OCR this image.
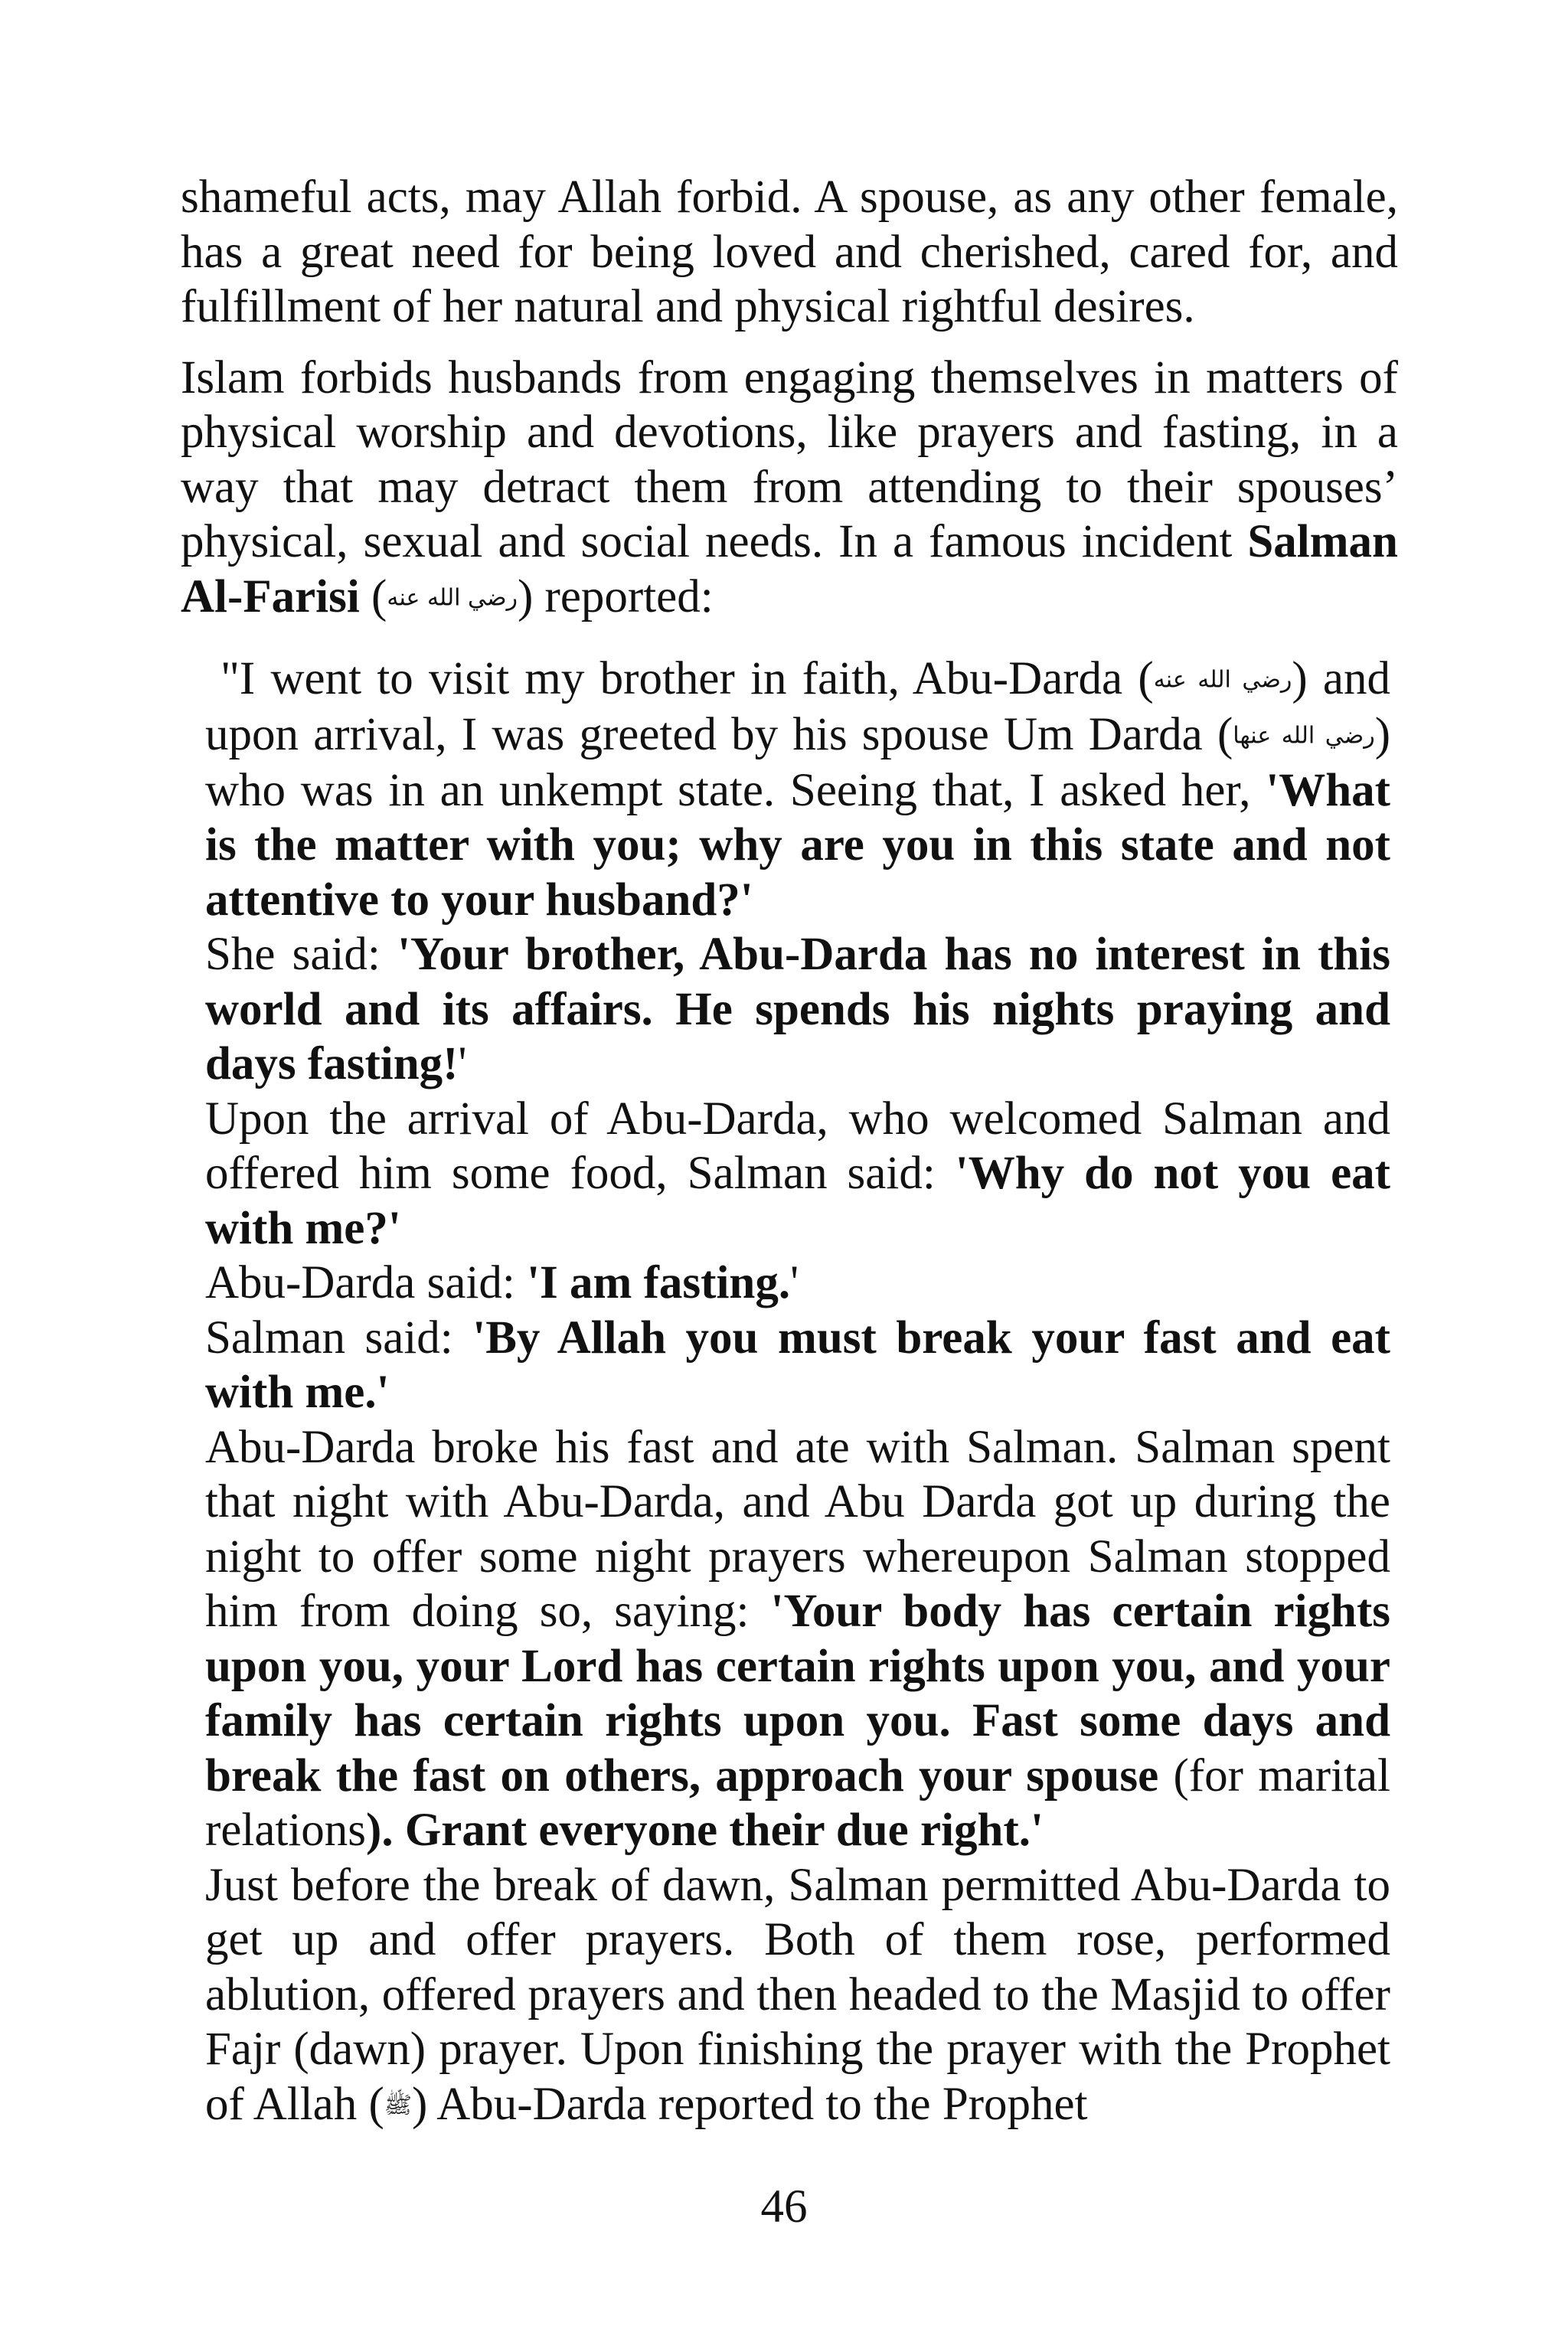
shameful acts, may Allah forbid. A spouse, as any other female, has a great need for being loved and cherished, cared for, and fulfillment of her natural and physical rightful desires.

Islam forbids husbands from engaging themselves in matters of physical worship and devotions, like prayers and fasting, in a way that may detract them from attending to their spouses’ physical, sexual and social needs. In a famous incident Salman Al-Farisi (رضي الله عنه) reported:

"I went to visit my brother in faith, Abu-Darda (رضي الله عنه) and upon arrival, I was greeted by his spouse Um Darda (رضي الله عنها) who was in an unkempt state. Seeing that, I asked her, 'What is the matter with you; why are you in this state and not attentive to your husband?'

She said: 'Your brother, Abu-Darda has no interest in this world and its affairs. He spends his nights praying and days fasting!'

Upon the arrival of Abu-Darda, who welcomed Salman and offered him some food, Salman said: 'Why do not you eat with me?'

Abu-Darda said: 'I am fasting.'

Salman said: 'By Allah you must break your fast and eat with me.'

Abu-Darda broke his fast and ate with Salman. Salman spent that night with Abu-Darda, and Abu Darda got up during the night to offer some night prayers whereupon Salman stopped him from doing so, saying: 'Your body has certain rights upon you, your Lord has certain rights upon you, and your family has certain rights upon you. Fast some days and break the fast on others, approach your spouse (for marital relations). Grant everyone their due right.'

Just before the break of dawn, Salman permitted Abu-Darda to get up and offer prayers. Both of them rose, performed ablution, offered prayers and then headed to the Masjid to offer Fajr (dawn) prayer. Upon finishing the prayer with the Prophet of Allah (ﷺ) Abu-Darda reported to the Prophet

46
